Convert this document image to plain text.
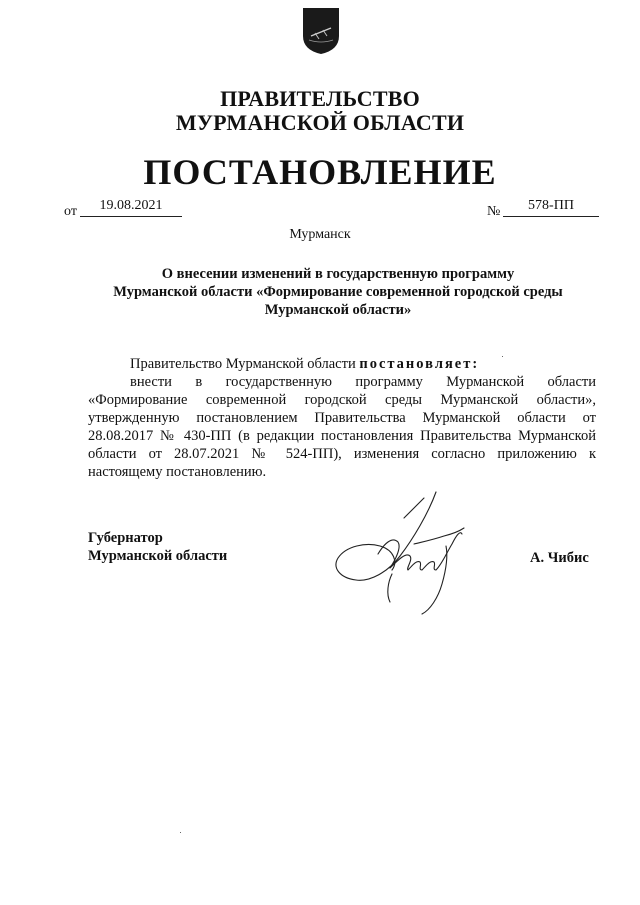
ПРАВИТЕЛЬСТВО
МУРМАНСКОЙ ОБЛАСТИ
ПОСТАНОВЛЕНИЕ
от	19.08.2021	№	578-ПП
Мурманск
О внесении изменений в государственную программу
Мурманской области «Формирование современной городской среды
Мурманской области»

Правительство Мурманской области постановляет:

внести в государственную программу Мурманской области «Формирование современной городской среды Мурманской области», утвержденную постановлением Правительства Мурманской области от 28.08.2017 № 430-ПП (в редакции постановления Правительства Мурманской области от 28.07.2021 № 524-ПП), изменения согласно приложению к настоящему постановлению.

Губернатор
Мурманской области	А. Чибис
